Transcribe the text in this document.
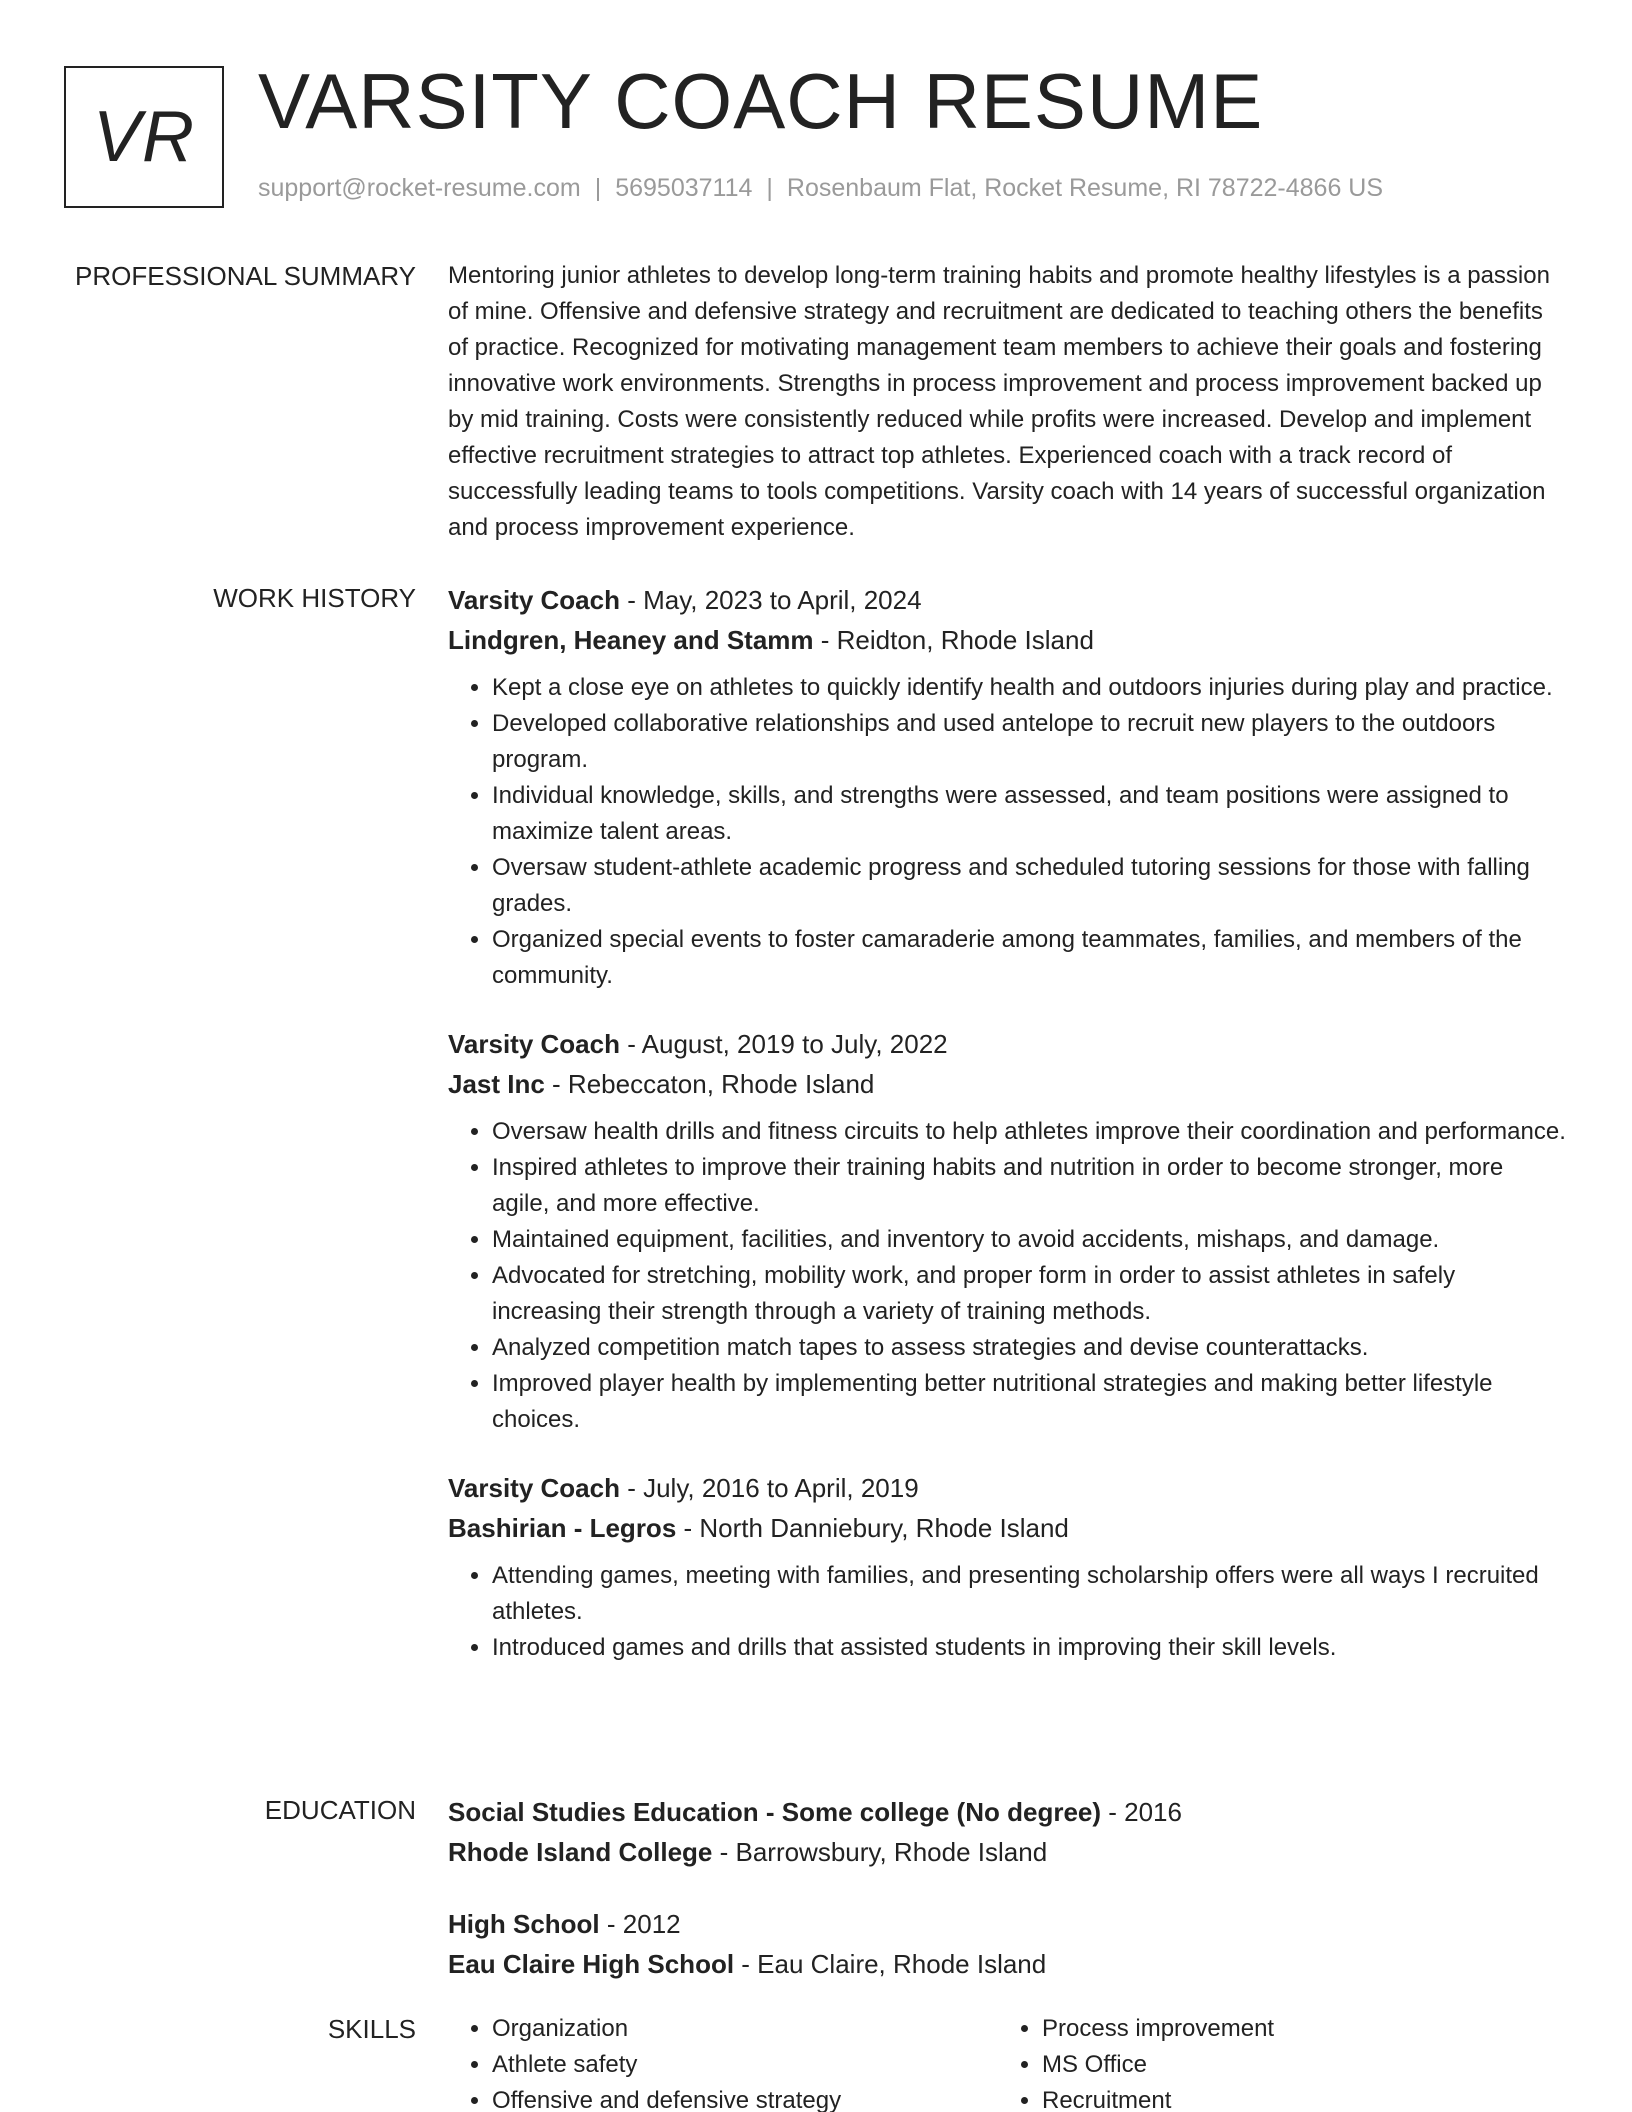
VR VARSITY COACH RESUME
support@rocket-resume.com | 5695037114 | Rosenbaum Flat, Rocket Resume, RI 78722-4866 US
PROFESSIONAL SUMMARY Mentoring junior athletes to develop long-term training habits and promote healthy lifestyles is a passion of mine. Offensive and defensive strategy and recruitment are dedicated to teaching others the benefits of practice. Recognized for motivating management team members to achieve their goals and fostering innovative work environments. Strengths in process improvement and process improvement backed up by mid training. Costs were consistently reduced while profits were increased. Develop and implement effective recruitment strategies to attract top athletes. Experienced coach with a track record of successfully leading teams to tools competitions. Varsity coach with 14 years of successful organization and process improvement experience.

WORK HISTORY Varsity Coach - May, 2023 to April, 2024
Lindgren, Heaney and Stamm - Reidton, Rhode Island
• Kept a close eye on athletes to quickly identify health and outdoors injuries during play and practice.
• Developed collaborative relationships and used antelope to recruit new players to the outdoors program.
• Individual knowledge, skills, and strengths were assessed, and team positions were assigned to maximize talent areas.
• Oversaw student-athlete academic progress and scheduled tutoring sessions for those with falling grades.
• Organized special events to foster camaraderie among teammates, families, and members of the community.
Varsity Coach - August, 2019 to July, 2022
Jast Inc - Rebeccaton, Rhode Island
• Oversaw health drills and fitness circuits to help athletes improve their coordination and performance.
• Inspired athletes to improve their training habits and nutrition in order to become stronger, more agile, and more effective.
• Maintained equipment, facilities, and inventory to avoid accidents, mishaps, and damage.
• Advocated for stretching, mobility work, and proper form in order to assist athletes in safely increasing their strength through a variety of training methods.
• Analyzed competition match tapes to assess strategies and devise counterattacks.
• Improved player health by implementing better nutritional strategies and making better lifestyle choices.
Varsity Coach - July, 2016 to April, 2019
Bashirian - Legros - North Danniebury, Rhode Island
• Attending games, meeting with families, and presenting scholarship offers were all ways I recruited athletes.
• Introduced games and drills that assisted students in improving their skill levels.
EDUCATION Social Studies Education - Some college (No degree) - 2016
Rhode Island College - Barrowsbury, Rhode Island
High School - 2012
Eau Claire High School - Eau Claire, Rhode Island
SKILLS
•	Organization
• Athlete safety
• Offensive and defensive strategy
• Process improvement
• MS Office
• Recruitment
